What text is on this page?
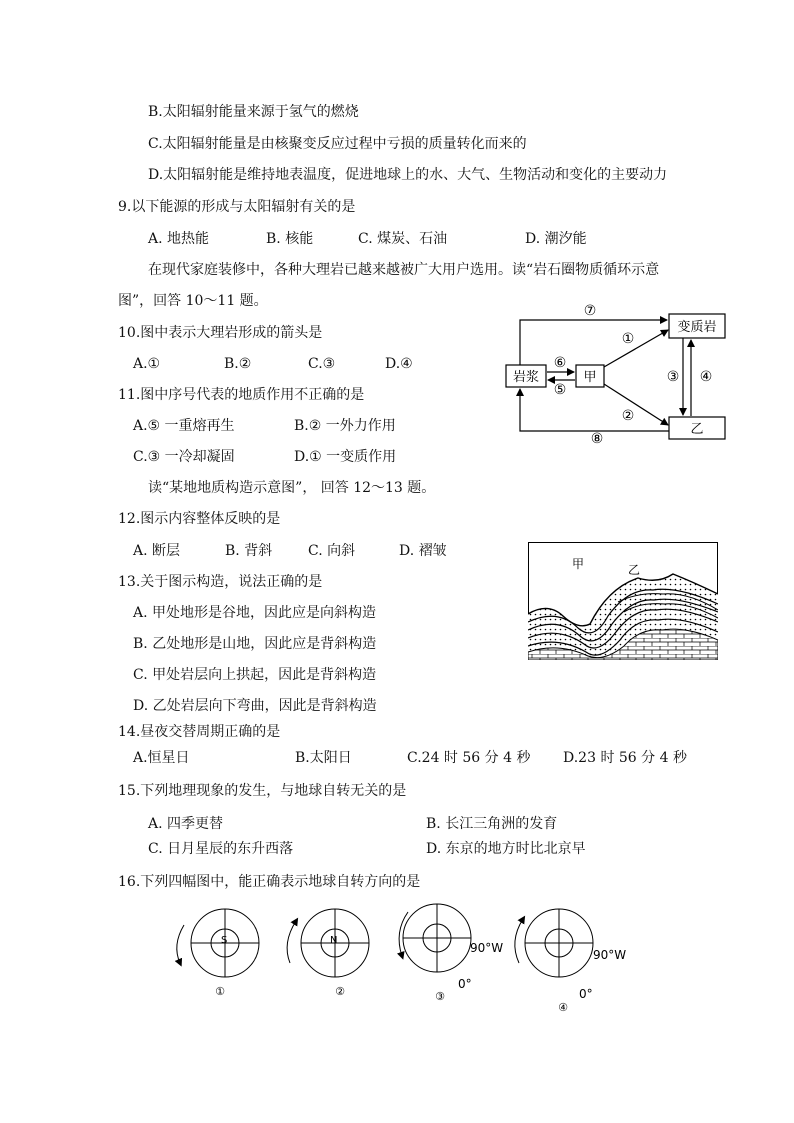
B.太阳辐射能量来源于氢气的燃烧
C.太阳辐射能量是由核聚变反应过程中亏损的质量转化而来的
D.太阳辐射能是维持地表温度，促进地球上的水、大气、生物活动和变化的主要动力
9.以下能源的形成与太阳辐射有关的是
A. 地热能	B. 核能	C. 煤炭、石油	D. 潮汐能
在现代家庭装修中，各种大理岩已越来越被广大用户选用。读“岩石圈物质循环示意
图”，回答 10～11 题。
10.图中表示大理岩形成的箭头是
A.①	B.②	C.③	D.④
11.图中序号代表的地质作用不正确的是
A.⑤ 一重熔再生	B.② 一外力作用
C.③ 一冷却凝固	D.① 一变质作用
岩浆	甲
变质岩
乙
⑦
①
⑥
⑤
③ ④
②
⑧
读“某地地质构造示意图”， 回答 12～13 题。
12.图示内容整体反映的是
A. 断层	B. 背斜	C. 向斜	D. 褶皱
13.关于图示构造，说法正确的是
A. 甲处地形是谷地，因此应是向斜构造
B. 乙处地形是山地，因此应是背斜构造
C. 甲处岩层向上拱起，因此是背斜构造
D. 乙处岩层向下弯曲，因此是背斜构造
甲	乙
14.昼夜交替周期正确的是
A.恒星日	B.太阳日	C.24 时 56 分 4 秒 D.23 时 56 分 4 秒
15.下列地理现象的发生，与地球自转无关的是
A. 四季更替	B. 长江三角洲的发育
C. 日月星辰的东升西落	D. 东京的地方时比北京早
16.下列四幅图中，能正确表示地球自转方向的是
S
①
N
②
90°W
0°
③
90°W
0°
④
